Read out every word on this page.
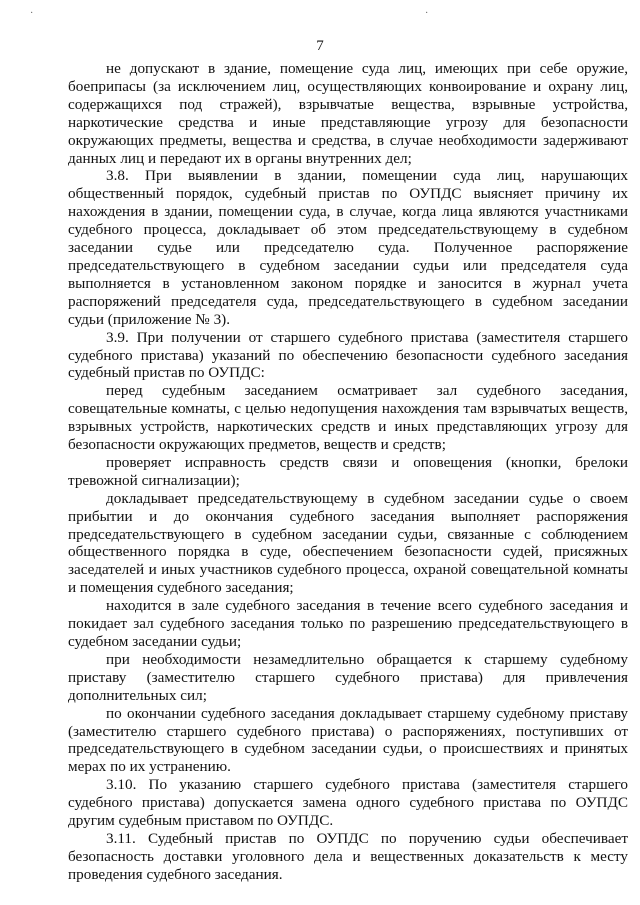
·	·
7

не допускают в здание, помещение суда лиц, имеющих при себе оружие, боеприпасы (за исключением лиц, осуществляющих конвоирование и охрану лиц, содержащихся под стражей), взрывчатые вещества, взрывные устройства, наркотические средства и иные представляющие угрозу для безопасности окружающих предметы, вещества и средства, в случае необходимости задерживают данных лиц и передают их в органы внутренних дел;

3.8. При выявлении в здании, помещении суда лиц, нарушающих общественный порядок, судебный пристав по ОУПДС выясняет причину их нахождения в здании, помещении суда, в случае, когда лица являются участниками судебного процесса, докладывает об этом председательствующему в судебном заседании судье или председателю суда. Полученное распоряжение председательствующего в судебном заседании судьи или председателя суда выполняется в установленном законом порядке и заносится в журнал учета распоряжений председателя суда, председательствующего в судебном заседании судьи (приложение № 3).

3.9. При получении от старшего судебного пристава (заместителя старшего судебного пристава) указаний по обеспечению безопасности судебного заседания судебный пристав по ОУПДС:

перед судебным заседанием осматривает зал судебного заседания, совещательные комнаты, с целью недопущения нахождения там взрывчатых веществ, взрывных устройств, наркотических средств и иных представляющих угрозу для безопасности окружающих предметов, веществ и средств;

проверяет исправность средств связи и оповещения (кнопки, брелоки тревожной сигнализации);

докладывает председательствующему в судебном заседании судье о своем прибытии и до окончания судебного заседания выполняет распоряжения председательствующего в судебном заседании судьи, связанные с соблюдением общественного порядка в суде, обеспечением безопасности судей, присяжных заседателей и иных участников судебного процесса, охраной совещательной комнаты и помещения судебного заседания;

находится в зале судебного заседания в течение всего судебного заседания и покидает зал судебного заседания только по разрешению председательствующего в судебном заседании судьи;

при необходимости незамедлительно обращается к старшему судебному приставу (заместителю старшего судебного пристава) для привлечения дополнительных сил;

по окончании судебного заседания докладывает старшему судебному приставу (заместителю старшего судебного пристава) о распоряжениях, поступивших от председательствующего в судебном заседании судьи, о происшествиях и принятых мерах по их устранению.

3.10. По указанию старшего судебного пристава (заместителя старшего судебного пристава) допускается замена одного судебного пристава по ОУПДС другим судебным приставом по ОУПДС.

3.11. Судебный пристав по ОУПДС по поручению судьи обеспечивает безопасность доставки уголовного дела и вещественных доказательств к месту проведения судебного заседания.
